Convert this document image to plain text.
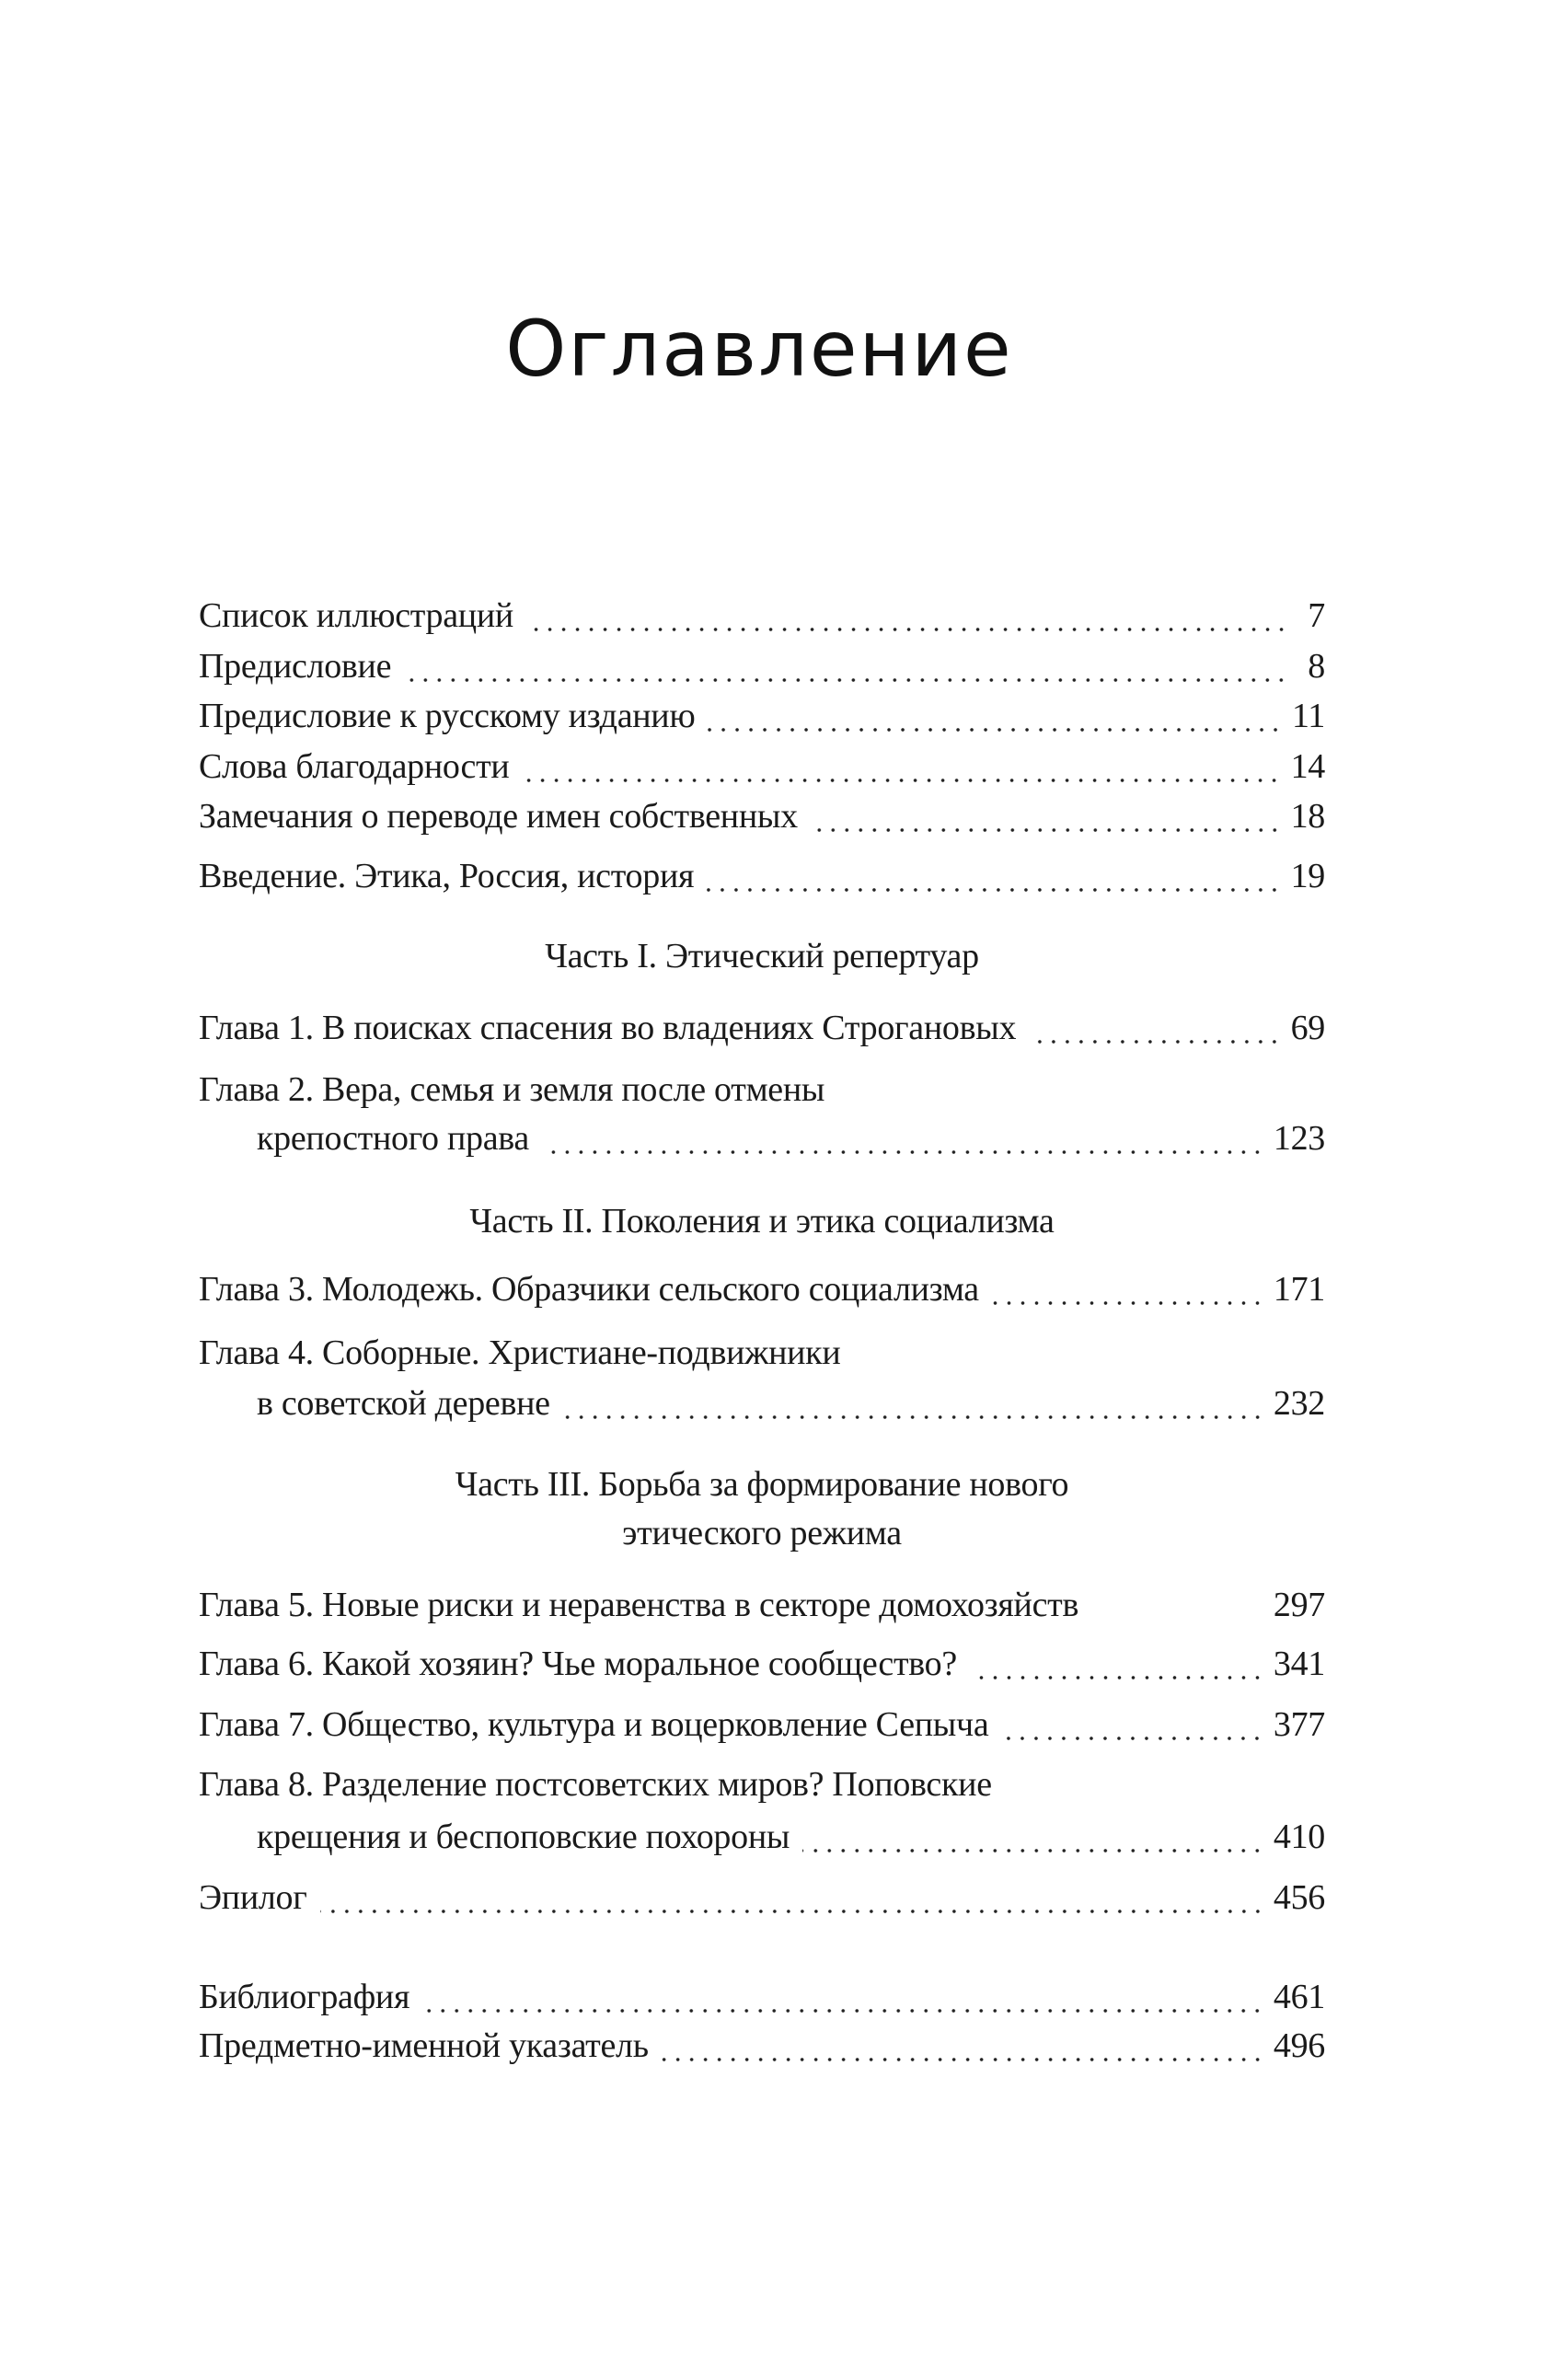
Оглавление
Список иллюстраций	7
Предисловие	8
Предисловие к русскому изданию	11
Слова благодарности	14
Замечания о переводе имен собственных	18
Введение. Этика, Россия, история	19
Часть I. Этический репертуар
Глава 1. В поисках спасения во владениях Строгановых	69
Глава 2. Вера, семья и земля после отмены
крепостного права	123
Часть II. Поколения и этика социализма
Глава 3. Молодежь. Образчики сельского социализма	171
Глава 4. Соборные. Христиане-подвижники
в советской деревне	232
Часть III. Борьба за формирование нового
этического режима
Глава 5. Новые риски и неравенства в секторе домохозяйств	297
Глава 6. Какой хозяин? Чье моральное сообщество?	341
Глава 7. Общество, культура и воцерковление Сепыча	377
Глава 8. Разделение постсоветских миров? Поповские
крещения и беспоповские похороны	410
Эпилог	456
Библиография	461
Предметно-именной указатель	496
